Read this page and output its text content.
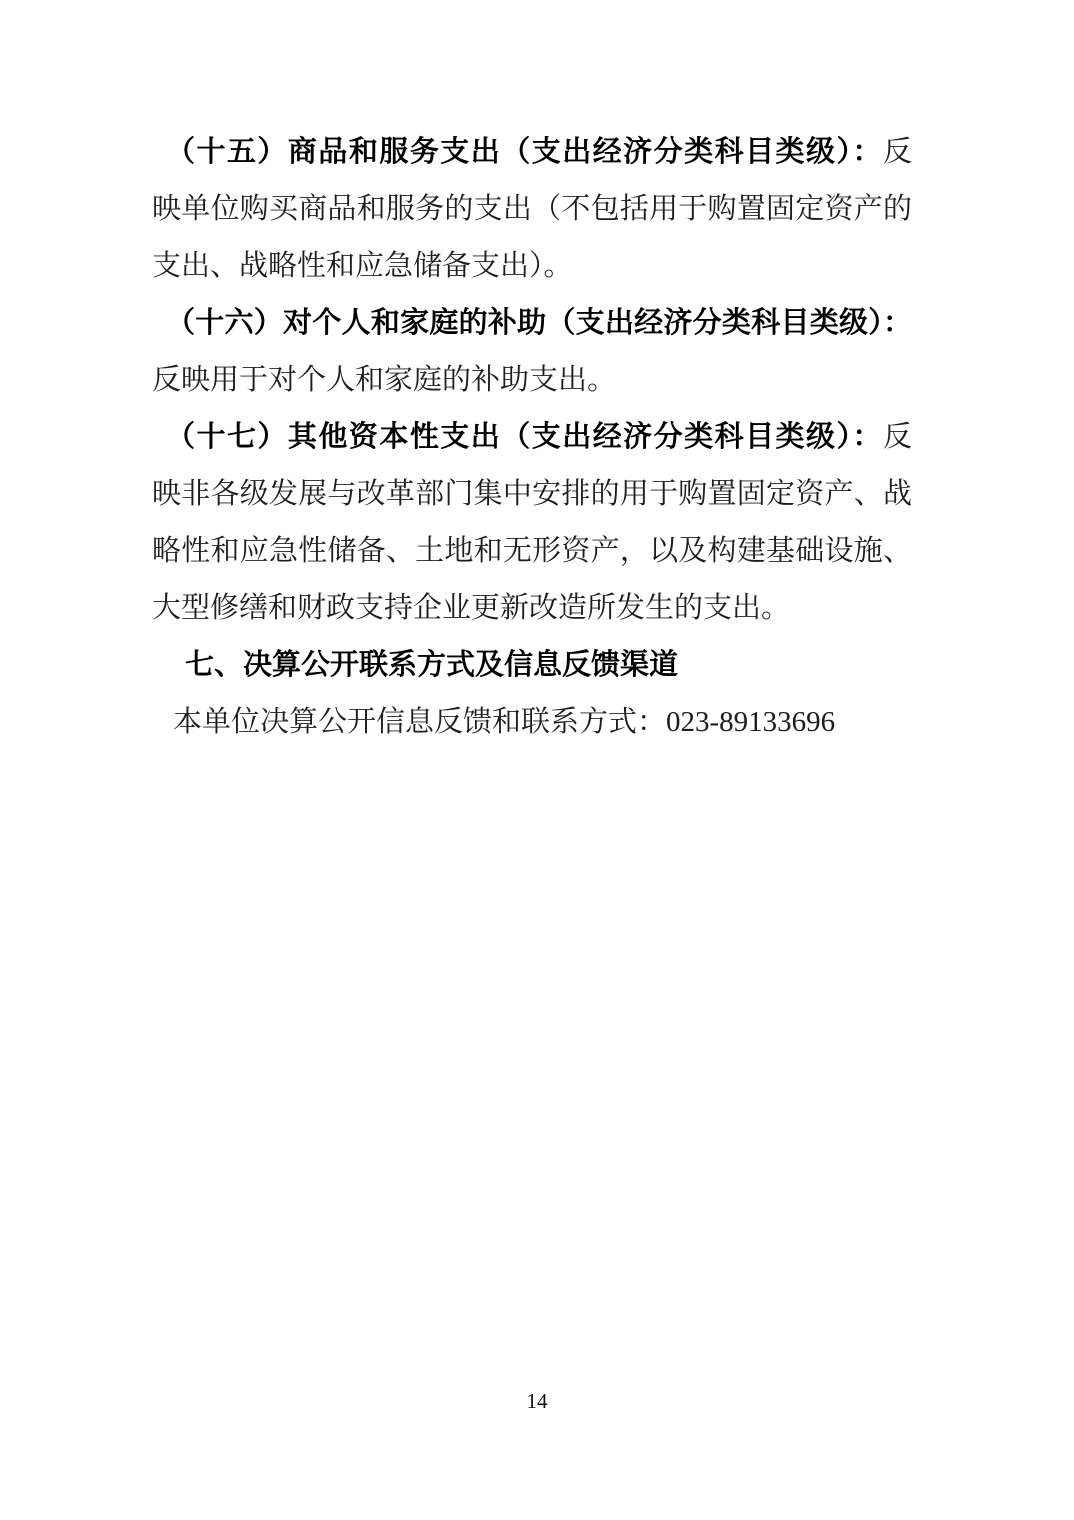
（十五）商品和服务支出（支出经济分类科目类级）：反
映单位购买商品和服务的支出（不包括用于购置固定资产的
支出、战略性和应急储备支出）。
（十六）对个人和家庭的补助（支出经济分类科目类级）：
反映用于对个人和家庭的补助支出。
（十七）其他资本性支出（支出经济分类科目类级）：反
映非各级发展与改革部门集中安排的用于购置固定资产、战
略性和应急性储备、土地和无形资产，以及构建基础设施、
大型修缮和财政支持企业更新改造所发生的支出。
七、决算公开联系方式及信息反馈渠道
本单位决算公开信息反馈和联系方式：023-89133696
14
